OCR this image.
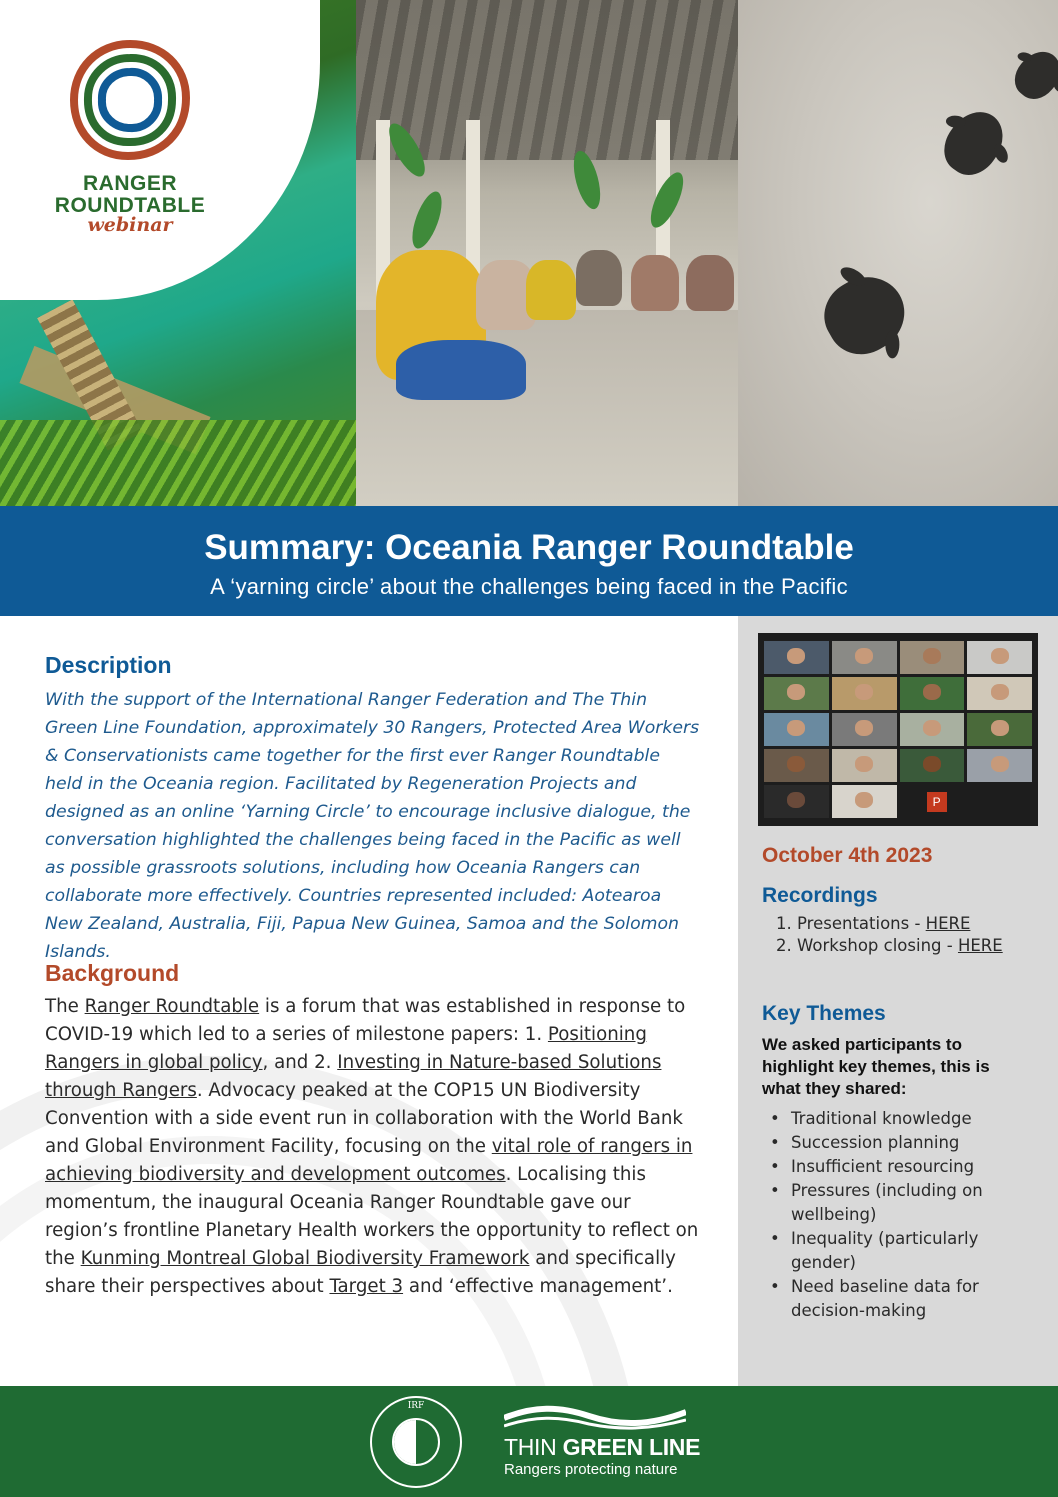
RANGER
ROUNDTABLE
webinar
Summary: Oceania Ranger Roundtable
A ‘yarning circle’ about the challenges being faced in the Pacific
Description

With the support of the International Ranger Federation and The Thin Green Line Foundation, approximately 30 Rangers, Protected Area Workers & Conservationists came together for the first ever Ranger Roundtable held in the Oceania region. Facilitated by Regeneration Projects and designed as an online ‘Yarning Circle’ to encourage inclusive dialogue, the conversation highlighted the challenges being faced in the Pacific as well as possible grassroots solutions, including how Oceania Rangers can collaborate more effectively. Countries represented included: Aotearoa New Zealand, Australia, Fiji, Papua New Guinea, Samoa and the Solomon Islands.

Background

The Ranger Roundtable is a forum that was established in response to COVID-19 which led to a series of milestone papers: 1. Positioning Rangers in global policy, and 2. Investing in Nature-based Solutions through Rangers. Advocacy peaked at the COP15 UN Biodiversity Convention with a side event run in collaboration with the World Bank and Global Environment Facility, focusing on the vital role of rangers in achieving biodiversity and development outcomes. Localising this momentum, the inaugural Oceania Ranger Roundtable gave our region’s frontline Planetary Health workers the opportunity to reflect on the Kunming Montreal Global Biodiversity Framework and specifically share their perspectives about Target 3 and ‘effective management’.

P
October 4th 2023
Recordings
1. Presentations - HERE
2. Workshop closing - HERE
Key Themes
We asked participants to highlight key themes, this is what they shared:
• Traditional knowledge
• Succession planning
• Insufficient resourcing
• Pressures (including on wellbeing)
• Inequality (particularly gender)
• Need baseline data for decision-making
IRF
THIN GREEN LINE
Rangers protecting nature
